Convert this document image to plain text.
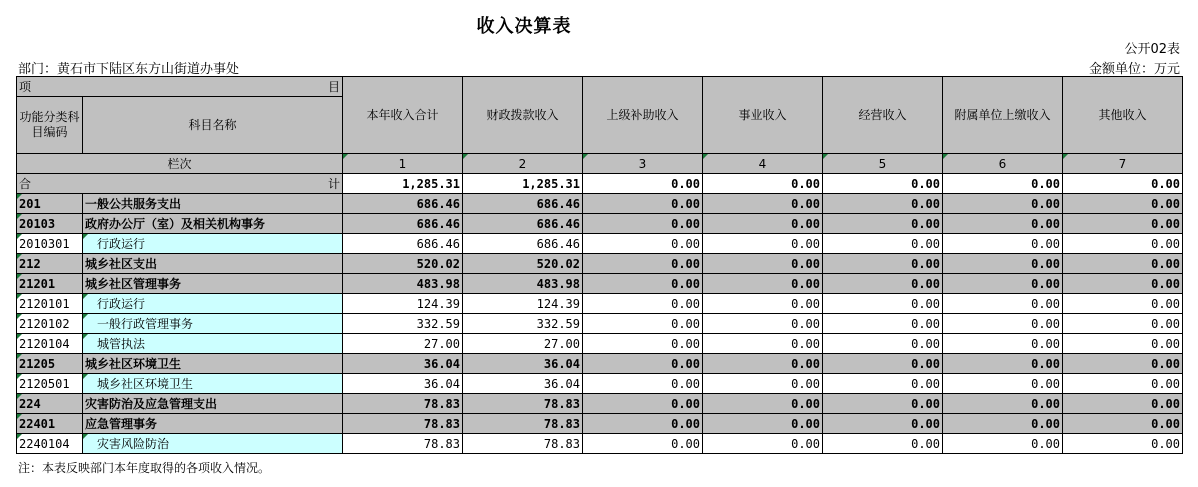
收入决算表
公开02表
部门：黄石市下陆区东方山街道办事处	金额单位：万元
项 目		本年收入合计	财政拨款收入	上级补助收入	事业收入	经营收入	附属单位上缴收入	其他收入
功能分类科目编码	科目名称							
栏次		1	2	3	4	5	6	7

合 计		1,285.31	1,285.31	0.00	0.00	0.00	0.00	0.00
201	一般公共服务支出	686.46	686.46	0.00	0.00	0.00	0.00	0.00
20103	政府办公厅（室）及相关机构事务	686.46	686.46	0.00	0.00	0.00	0.00	0.00
2010301	行政运行	686.46	686.46	0.00	0.00	0.00	0.00	0.00
212	城乡社区支出	520.02	520.02	0.00	0.00	0.00	0.00	0.00
21201	城乡社区管理事务	483.98	483.98	0.00	0.00	0.00	0.00	0.00
2120101	行政运行	124.39	124.39	0.00	0.00	0.00	0.00	0.00
2120102	一般行政管理事务	332.59	332.59	0.00	0.00	0.00	0.00	0.00
2120104	城管执法	27.00	27.00	0.00	0.00	0.00	0.00	0.00
21205	城乡社区环境卫生	36.04	36.04	0.00	0.00	0.00	0.00	0.00
2120501	城乡社区环境卫生	36.04	36.04	0.00	0.00	0.00	0.00	0.00
224	灾害防治及应急管理支出	78.83	78.83	0.00	0.00	0.00	0.00	0.00
22401	应急管理事务	78.83	78.83	0.00	0.00	0.00	0.00	0.00
2240104	灾害风险防治	78.83	78.83	0.00	0.00	0.00	0.00	0.00
注：本表反映部门本年度取得的各项收入情况。
